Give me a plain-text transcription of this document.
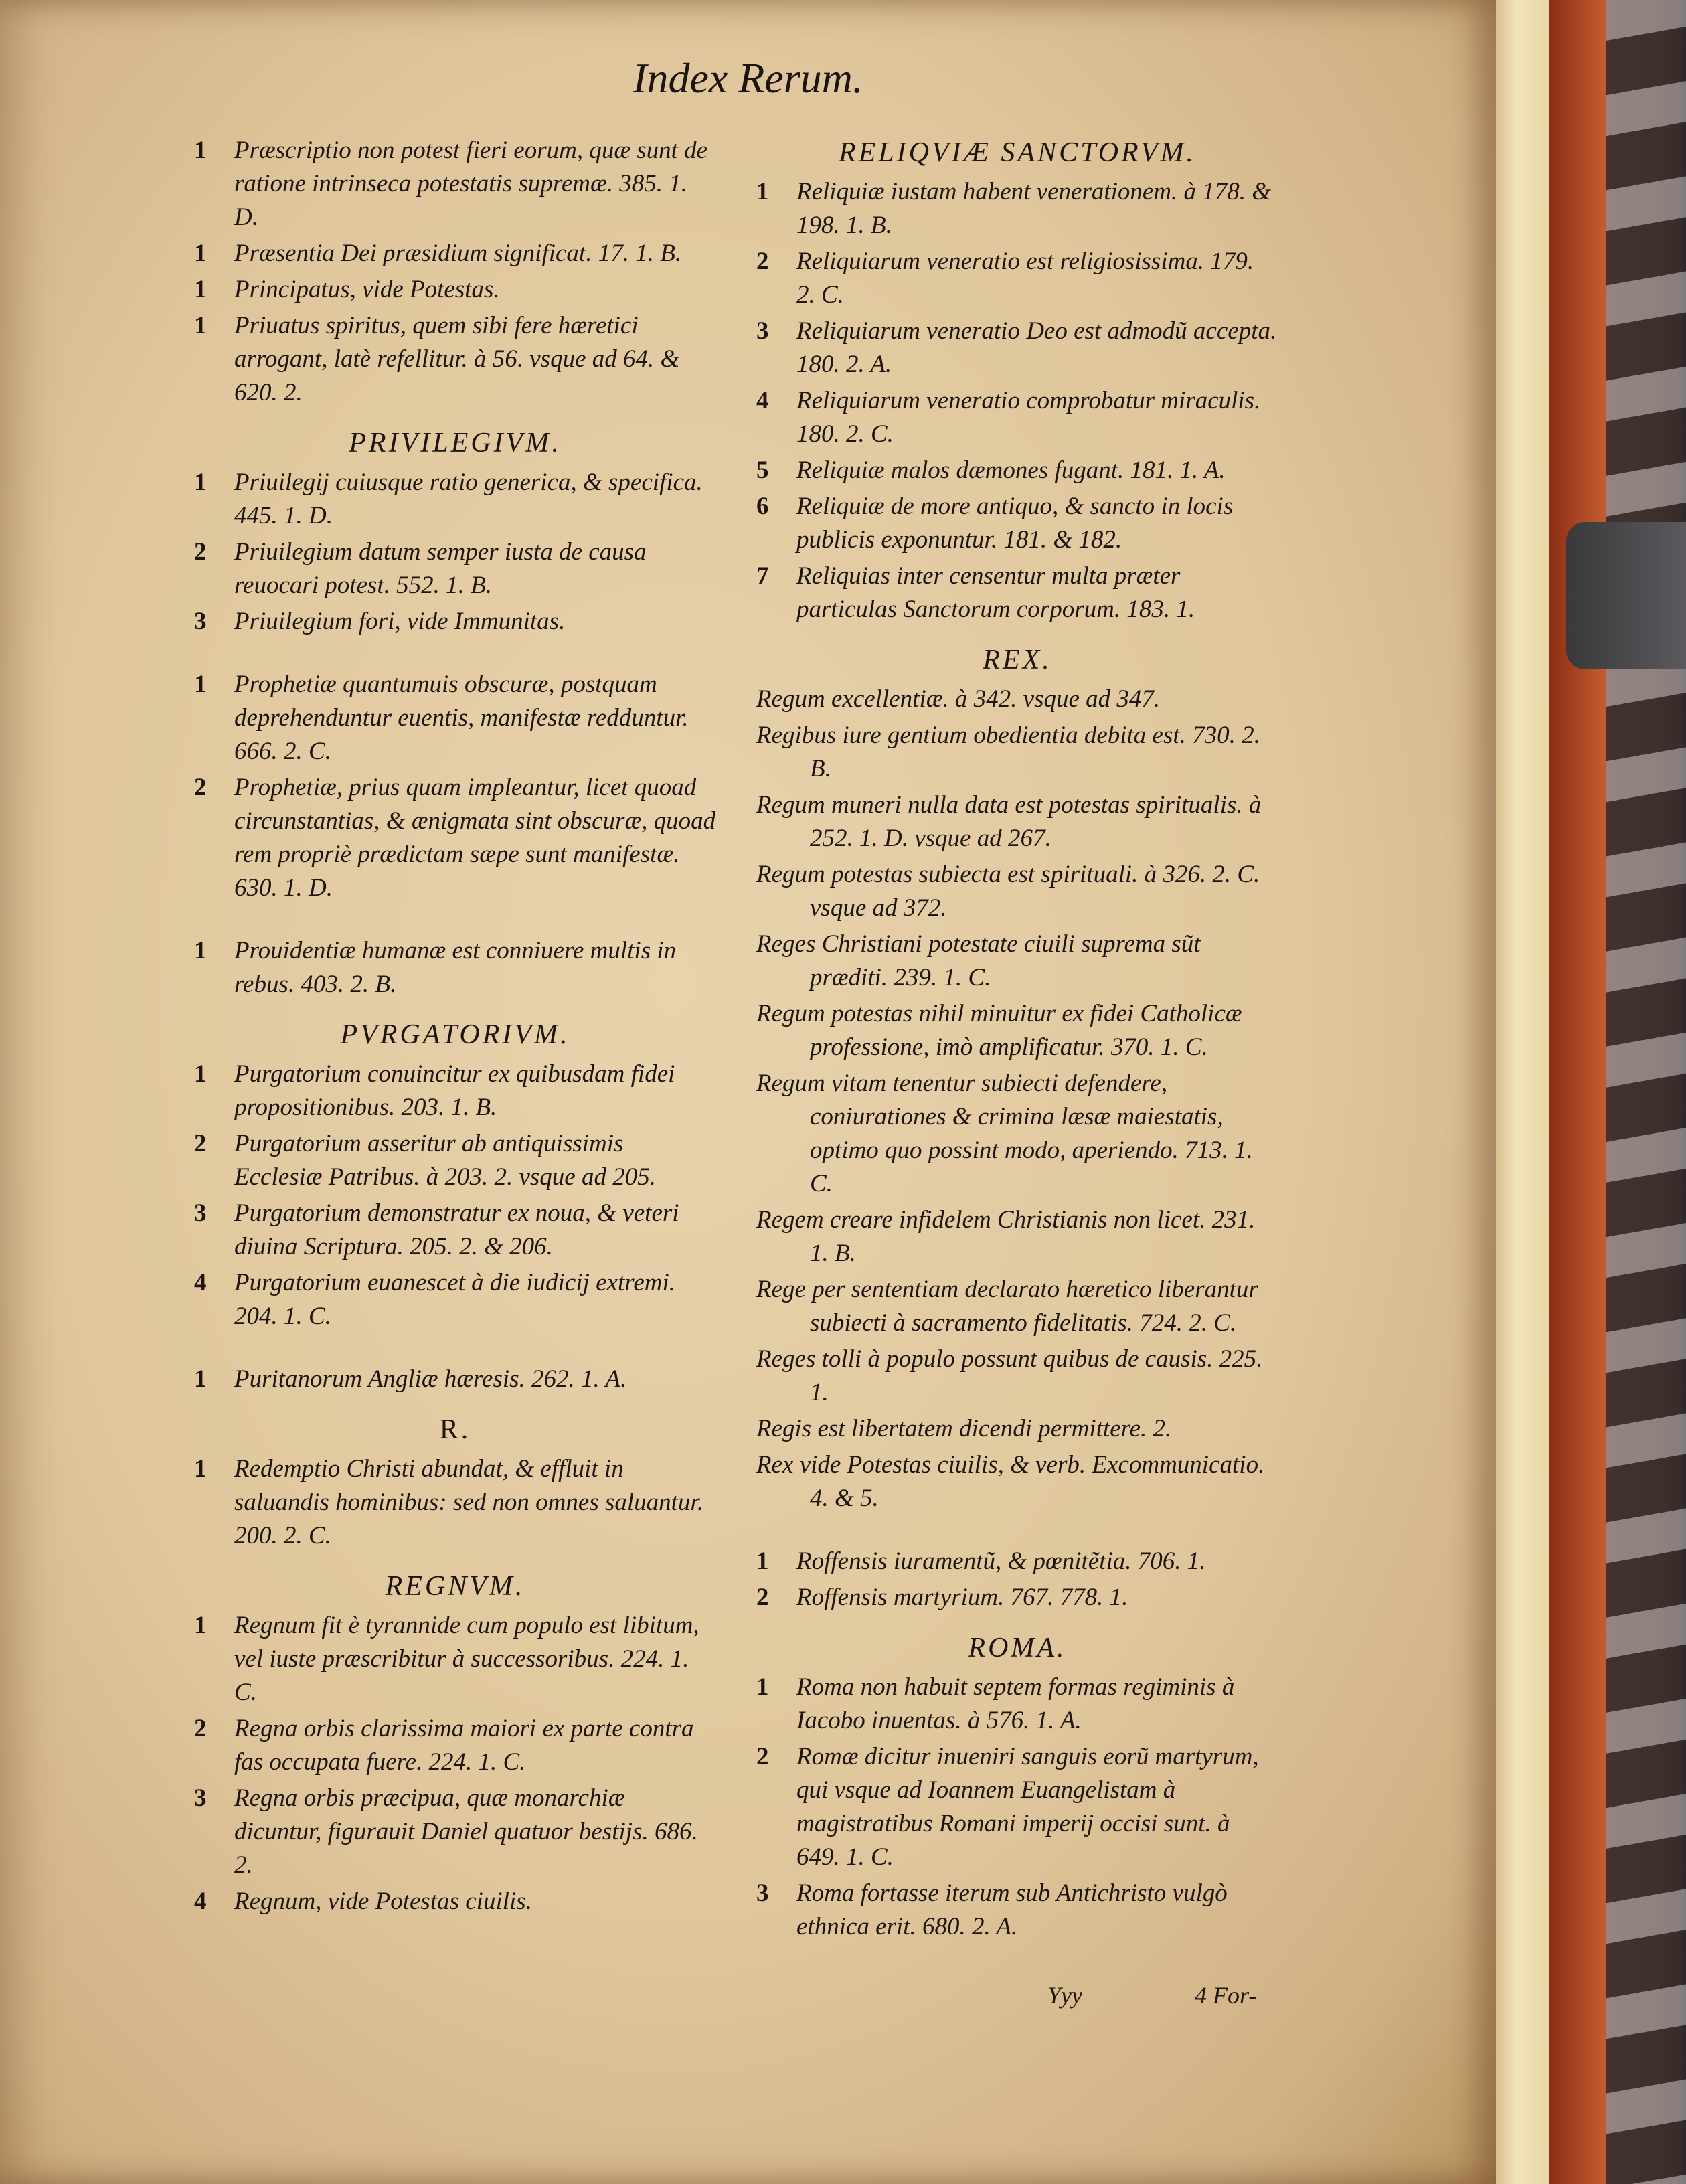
Index Rerum.
1	Præscriptio non potest fieri eorum, quæ sunt de ratione intrinseca potestatis supremæ. 385. 1. D.
1	Præsentia Dei præsidium significat. 17. 1. B.
1	Principatus, vide Potestas.
1	Priuatus spiritus, quem sibi fere hæretici arrogant, latè refellitur. à 56. vsque ad 64. & 620. 2.
PRIVILEGIVM.
1	Priuilegij cuiusque ratio generica, & specifica. 445. 1. D.
2	Priuilegium datum semper iusta de causa reuocari potest. 552. 1. B.
3	Priuilegium fori, vide Immunitas.
1	Prophetiæ quantumuis obscuræ, postquam deprehenduntur euentis, manifestæ redduntur. 666. 2. C.
2	Prophetiæ, prius quam impleantur, licet quoad circunstantias, & ænigmata sint obscuræ, quoad rem propriè prædictam sæpe sunt manifestæ. 630. 1. D.
1	Prouidentiæ humanæ est conniuere multis in rebus. 403. 2. B.
PVRGATORIVM.
1	Purgatorium conuincitur ex quibusdam fidei propositionibus. 203. 1. B.
2	Purgatorium asseritur ab antiquissimis Ecclesiæ Patribus. à 203. 2. vsque ad 205.
3	Purgatorium demonstratur ex noua, & veteri diuina Scriptura. 205. 2. & 206.
4	Purgatorium euanescet à die iudicij extremi. 204. 1. C.
1	Puritanorum Angliæ hæresis. 262. 1. A.
R.
1	Redemptio Christi abundat, & effluit in saluandis hominibus: sed non omnes saluantur. 200. 2. C.
REGNVM.
1	Regnum fit è tyrannide cum populo est libitum, vel iuste præscribitur à successoribus. 224. 1. C.
2	Regna orbis clarissima maiori ex parte contra fas occupata fuere. 224. 1. C.
3	Regna orbis præcipua, quæ monarchiæ dicuntur, figurauit Daniel quatuor bestijs. 686. 2.
4	Regnum, vide Potestas ciuilis.
RELIQVIÆ SANCTORVM.
1	Reliquiæ iustam habent venerationem. à 178. & 198. 1. B.
2	Reliquiarum veneratio est religiosissima. 179. 2. C.
3	Reliquiarum veneratio Deo est admodũ accepta. 180. 2. A.
4	Reliquiarum veneratio comprobatur miraculis. 180. 2. C.
5	Reliquiæ malos dæmones fugant. 181. 1. A.
6	Reliquiæ de more antiquo, & sancto in locis publicis exponuntur. 181. & 182.
7	Reliquias inter censentur multa præter particulas Sanctorum corporum. 183. 1.
REX.
Regum excellentiæ. à 342. vsque ad 347.
Regibus iure gentium obedientia debita est. 730. 2. B.
Regum muneri nulla data est potestas spiritualis. à 252. 1. D. vsque ad 267.
Regum potestas subiecta est spirituali. à 326. 2. C. vsque ad 372.
Reges Christiani potestate ciuili suprema sũt præditi. 239. 1. C.
Regum potestas nihil minuitur ex fidei Catholicæ professione, imò amplificatur. 370. 1. C.
Regum vitam tenentur subiecti defendere, coniurationes & crimina læsæ maiestatis, optimo quo possint modo, aperiendo. 713. 1. C.
Regem creare infidelem Christianis non licet. 231. 1. B.
Rege per sententiam declarato hæretico liberantur subiecti à sacramento fidelitatis. 724. 2. C.
Reges tolli à populo possunt quibus de causis. 225. 1.
Regis est libertatem dicendi permittere. 2.
Rex vide Potestas ciuilis, & verb. Excommunicatio. 4. & 5.
1	Roffensis iuramentũ, & pœnitẽtia. 706. 1.
2	Roffensis martyrium. 767. 778. 1.
ROMA.
1	Roma non habuit septem formas regiminis à Iacobo inuentas. à 576. 1. A.
2	Romæ dicitur inueniri sanguis eorũ martyrum, qui vsque ad Ioannem Euangelistam à magistratibus Romani imperij occisi sunt. à 649. 1. C.
3	Roma fortasse iterum sub Antichristo vulgò ethnica erit. 680. 2. A.
Yyy	4 For-
